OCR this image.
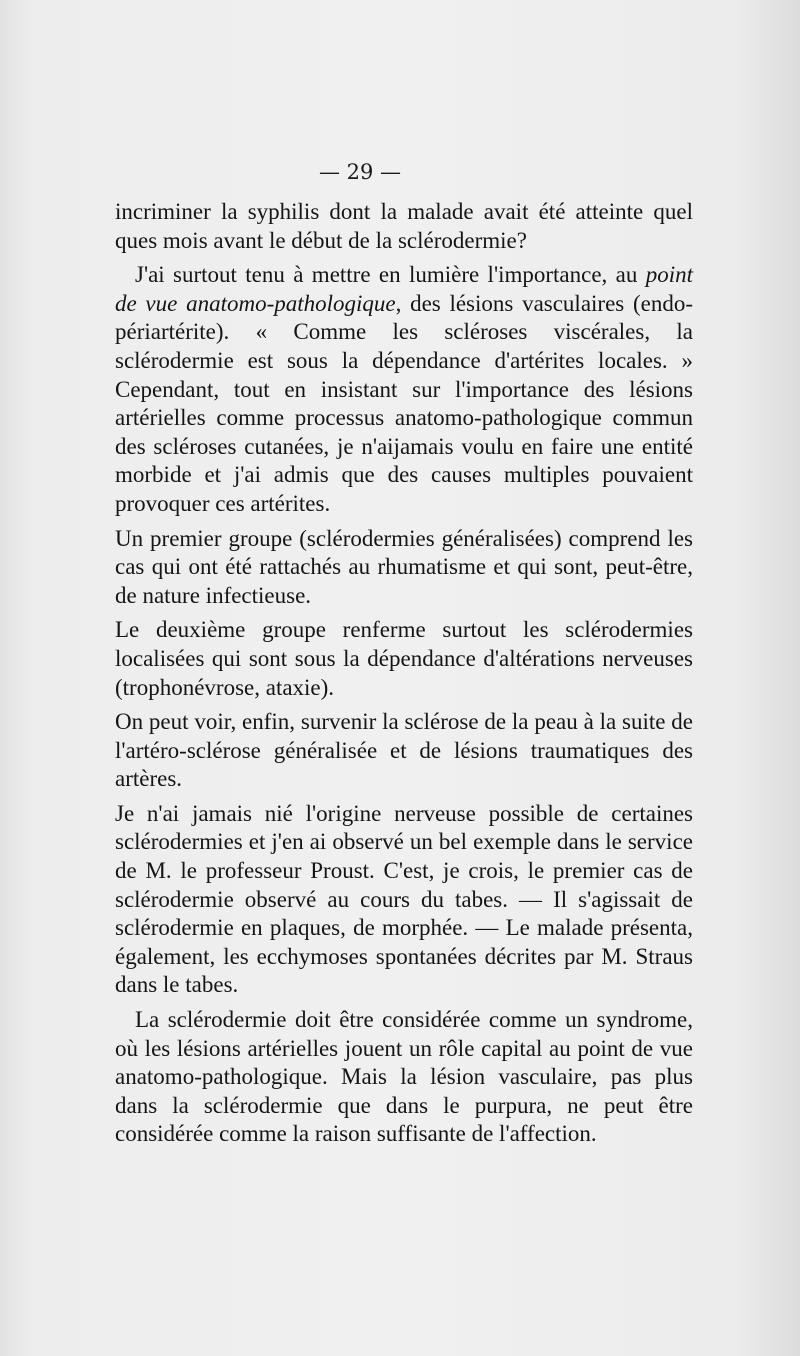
— 29 —

incriminer la syphilis dont la malade avait été atteinte quel ques mois avant le début de la sclérodermie?

J'ai surtout tenu à mettre en lumière l'importance, au point de vue anatomo-pathologique, des lésions vasculaires (endo-périartérite). « Comme les scléroses viscérales, la sclérodermie est sous la dépendance d'artérites locales. » Cependant, tout en insistant sur l'importance des lésions artérielles comme processus anatomo-pathologique commun des scléroses cutanées, je n'aijamais voulu en faire une entité morbide et j'ai admis que des causes multiples pouvaient provoquer ces artérites.

Un premier groupe (sclérodermies généralisées) comprend les cas qui ont été rattachés au rhumatisme et qui sont, peut-être, de nature infectieuse.

Le deuxième groupe renferme surtout les sclérodermies localisées qui sont sous la dépendance d'altérations nerveuses (trophonévrose, ataxie).

On peut voir, enfin, survenir la sclérose de la peau à la suite de l'artéro-sclérose généralisée et de lésions traumatiques des artères.

Je n'ai jamais nié l'origine nerveuse possible de certaines sclérodermies et j'en ai observé un bel exemple dans le service de M. le professeur Proust. C'est, je crois, le premier cas de sclérodermie observé au cours du tabes. — Il s'agissait de sclérodermie en plaques, de morphée. — Le malade présenta, également, les ecchymoses spontanées décrites par M. Straus dans le tabes.

La sclérodermie doit être considérée comme un syndrome, où les lésions artérielles jouent un rôle capital au point de vue anatomo-pathologique. Mais la lésion vasculaire, pas plus dans la sclérodermie que dans le purpura, ne peut être considérée comme la raison suffisante de l'affection.
